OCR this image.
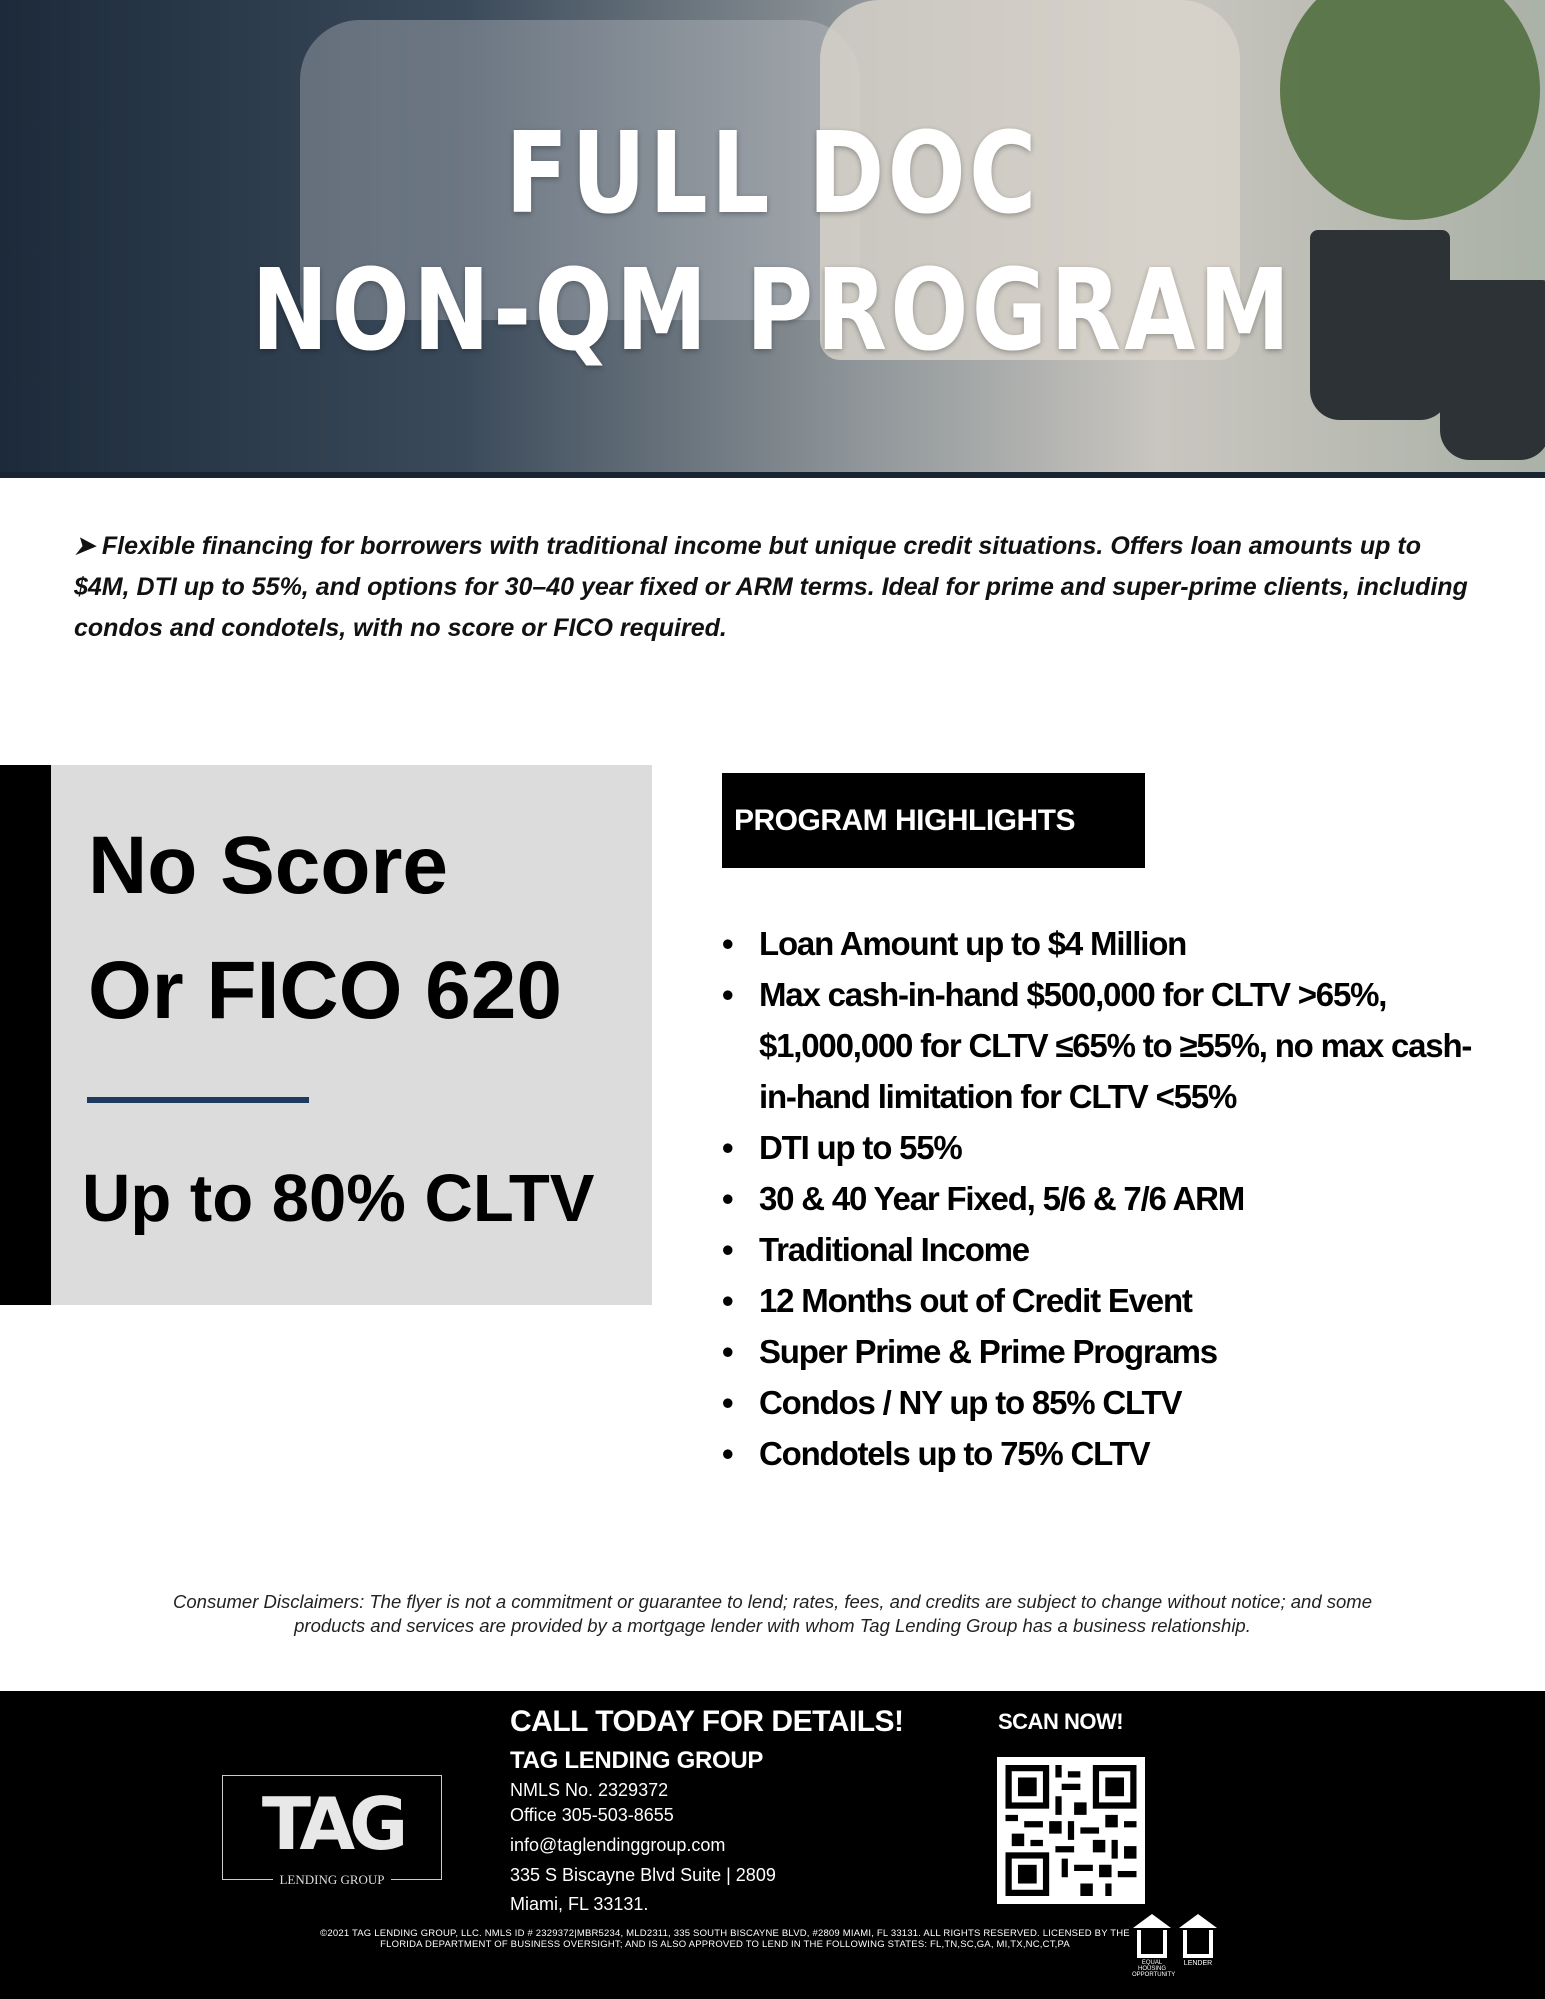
FULL DOC
NON-QM PROGRAM

➤ Flexible financing for borrowers with traditional income but unique credit situations. Offers loan amounts up to $4M, DTI up to 55%, and options for 30–40 year fixed or ARM terms. Ideal for prime and super-prime clients, including condos and condotels, with no score or FICO required.

No Score
Or FICO 620
Up to 80% CLTV
PROGRAM HIGHLIGHTS
• Loan Amount up to $4 Million
• Max cash-in-hand $500,000 for CLTV >65%, $1,000,000 for CLTV ≤65% to ≥55%, no max cash-in-hand limitation for CLTV <55%
• DTI up to 55%
• 30 & 40 Year Fixed, 5/6 & 7/6 ARM
• Traditional Income
• 12 Months out of Credit Event
• Super Prime & Prime Programs
• Condos / NY up to 85% CLTV
• Condotels up to 75% CLTV

Consumer Disclaimers: The flyer is not a commitment or guarantee to lend; rates, fees, and credits are subject to change without notice; and some products and services are provided by a mortgage lender with whom Tag Lending Group has a business relationship.

TAG
LENDING GROUP
CALL TODAY FOR DETAILS!
TAG LENDING GROUP
NMLS No. 2329372
Office 305-503-8655
info@taglendinggroup.com
335 S Biscayne Blvd Suite | 2809
Miami, FL 33131.
SCAN NOW!

©2021 TAG LENDING GROUP, LLC. NMLS ID # 2329372|MBR5234, MLD2311, 335 SOUTH BISCAYNE BLVD, #2809 MIAMI, FL 33131. ALL RIGHTS RESERVED. LICENSED BY THE FLORIDA DEPARTMENT OF BUSINESS OVERSIGHT; AND IS ALSO APPROVED TO LEND IN THE FOLLOWING STATES: FL,TN,SC,GA, MI,TX,NC,CT,PA

EQUAL HOUSING OPPORTUNITY
LENDER
